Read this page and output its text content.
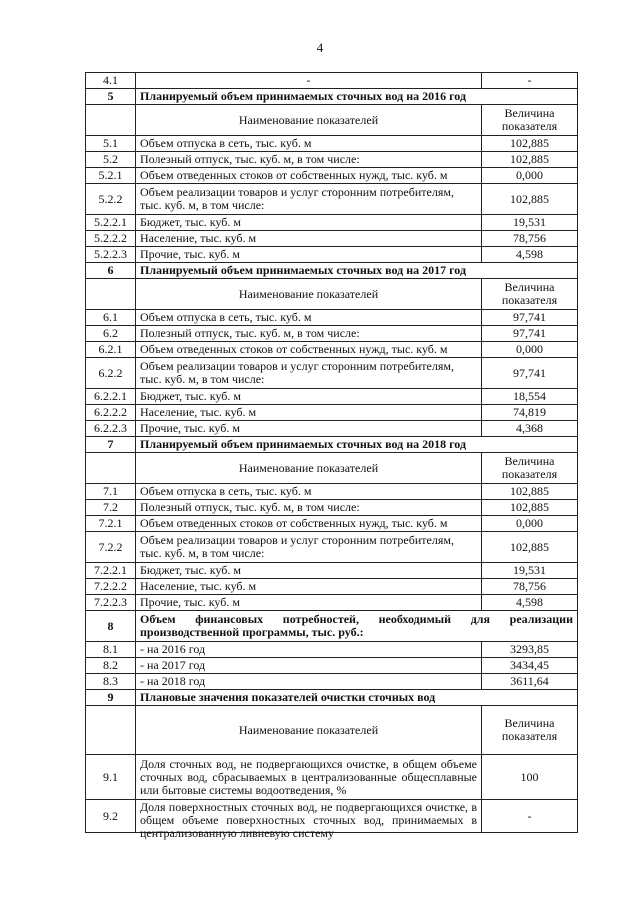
4
4.1	-	-
5	Планируемый объем принимаемых сточных вод на 2016 год	
	Наименование показателей	Величина показателя
5.1	Объем отпуска в сеть, тыс. куб. м	102,885
5.2	Полезный отпуск, тыс. куб. м, в том числе:	102,885
5.2.1	Объем отведенных стоков от собственных нужд, тыс. куб. м	0,000
5.2.2	Объем реализации товаров и услуг сторонним потребителям, тыс. куб. м, в том числе:	102,885
5.2.2.1	Бюджет, тыс. куб. м	19,531
5.2.2.2	Население, тыс. куб. м	78,756
5.2.2.3	Прочие, тыс. куб. м	4,598
6	Планируемый объем принимаемых сточных вод на 2017 год	
	Наименование показателей	Величина показателя
6.1	Объем отпуска в сеть, тыс. куб. м	97,741
6.2	Полезный отпуск, тыс. куб. м, в том числе:	97,741
6.2.1	Объем отведенных стоков от собственных нужд, тыс. куб. м	0,000
6.2.2	Объем реализации товаров и услуг сторонним потребителям, тыс. куб. м, в том числе:	97,741
6.2.2.1	Бюджет, тыс. куб. м	18,554
6.2.2.2	Население, тыс. куб. м	74,819
6.2.2.3	Прочие, тыс. куб. м	4,368
7	Планируемый объем принимаемых сточных вод на 2018 год	
	Наименование показателей	Величина показателя
7.1	Объем отпуска в сеть, тыс. куб. м	102,885
7.2	Полезный отпуск, тыс. куб. м, в том числе:	102,885
7.2.1	Объем отведенных стоков от собственных нужд, тыс. куб. м	0,000
7.2.2	Объем реализации товаров и услуг сторонним потребителям, тыс. куб. м, в том числе:	102,885
7.2.2.1	Бюджет, тыс. куб. м	19,531
7.2.2.2	Население, тыс. куб. м	78,756
7.2.2.3	Прочие, тыс. куб. м	4,598
8	Объем финансовых потребностей, необходимый для реализации производственной программы, тыс. руб.:	
8.1	- на 2016 год	3293,85
8.2	- на 2017 год	3434,45
8.3	- на 2018 год	3611,64
9	Плановые значения показателей очистки сточных вод	
	Наименование показателей	Величина показателя
9.1	Доля сточных вод, не подвергающихся очистке, в общем объеме сточных вод, сбрасываемых в централизованные общесплавные или бытовые системы водоотведения, %	100
9.2	Доля поверхностных сточных вод, не подвергающихся очистке, в общем объеме поверхностных сточных вод, принимаемых в централизованную ливневую систему	-
